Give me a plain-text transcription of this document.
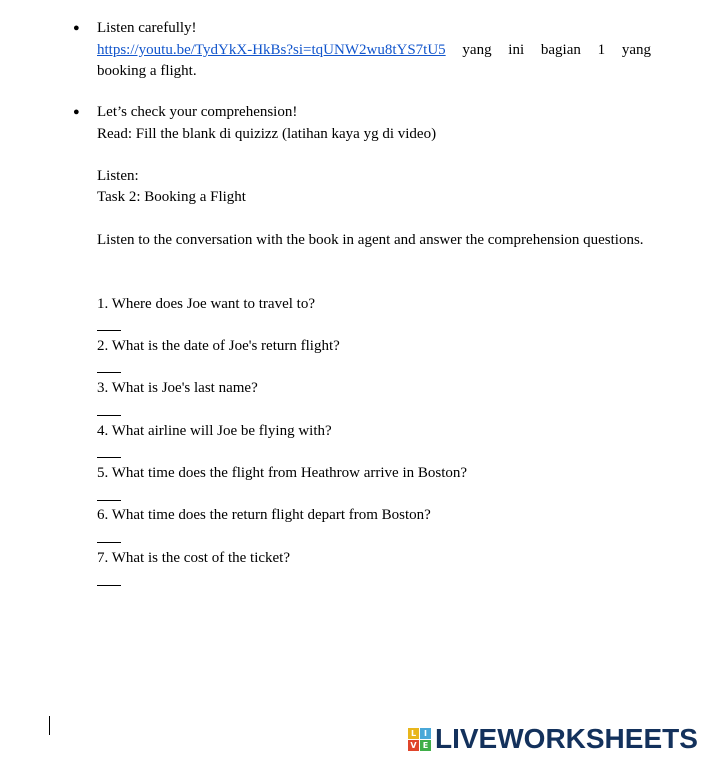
● Listen carefully!
https://youtu.be/TydYkX-HkBs?si=tqUNW2wu8tYS7tU5 yang ini bagian 1 yang
booking a flight.
● Let’s check your comprehension!
Read: Fill the blank di quizizz (latihan kaya yg di video)
Listen:
Task 2: Booking a Flight
Listen to the conversation with the book in agent and answer the comprehension questions.
1. Where does Joe want to travel to?
2. What is the date of Joe's return flight?
3. What is Joe's last name?
4. What airline will Joe be flying with?
5. What time does the flight from Heathrow arrive in Boston?
6. What time does the return flight depart from Boston?
7. What is the cost of the ticket?
L I
V E LIVEWORKSHEETS
